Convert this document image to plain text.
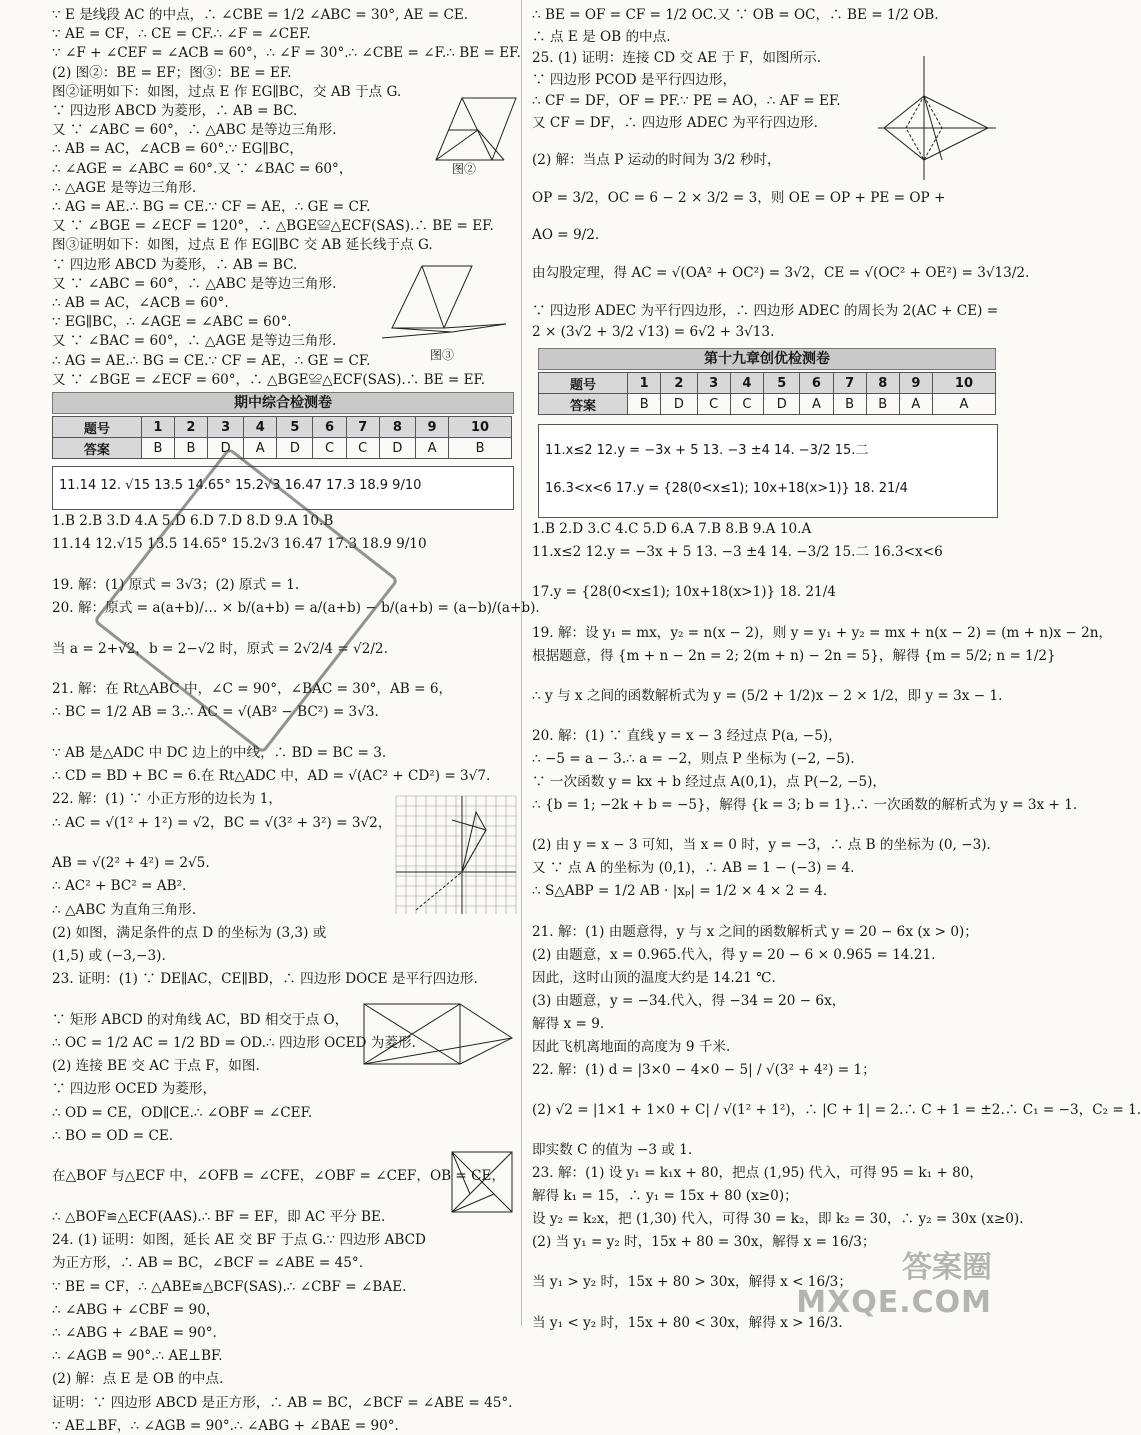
∵ E 是线段 AC 的中点，∴ ∠CBE = 1/2 ∠ABC = 30°, AE = CE.
∵ AE = CF，∴ CE = CF.∴ ∠F = ∠CEF.
∵ ∠F + ∠CEF = ∠ACB = 60°，∴ ∠F = 30°.∴ ∠CBE = ∠F.∴ BE = EF.
(2) 图②：BE = EF；图③：BE = EF.
图②证明如下：如图，过点 E 作 EG∥BC，交 AB 于点 G.
∵ 四边形 ABCD 为菱形，∴ AB = BC.
又 ∵ ∠ABC = 60°，∴ △ABC 是等边三角形.
∴ AB = AC，∠ACB = 60°.∵ EG∥BC，
∴ ∠AGE = ∠ABC = 60°.又 ∵ ∠BAC = 60°，
∴ △AGE 是等边三角形.
∴ AG = AE.∴ BG = CE.∵ CF = AE，∴ GE = CF.
又 ∵ ∠BGE = ∠ECF = 120°，∴ △BGE≌△ECF(SAS).∴ BE = EF.
图③证明如下：如图，过点 E 作 EG∥BC 交 AB 延长线于点 G.
∵ 四边形 ABCD 为菱形，∴ AB = BC.
又 ∵ ∠ABC = 60°，∴ △ABC 是等边三角形.
∴ AB = AC，∠ACB = 60°.
∵ EG∥BC，∴ ∠AGE = ∠ABC = 60°.
又 ∵ ∠BAC = 60°，∴ △AGE 是等边三角形.
∴ AG = AE.∴ BG = CE.∵ CF = AE，∴ GE = CF.
又 ∵ ∠BGE = ∠ECF = 60°，∴ △BGE≌△ECF(SAS).∴ BE = EF.
图②
图③
期中综合检测卷
题号	1	2	3	4	5	6	7	8	9	10
答案	B	B	D	A	D	C	C	D	A	B
11.14 12. √15 13.5 14.65° 15.2√3 16.47 17.3 18.9 9/10
1.B 2.B 3.D 4.A 5.D 6.D 7.D 8.D 9.A 10.B
11.14 12.√15 13.5 14.65° 15.2√3 16.47 17.3 18.9 9/10
19. 解：(1) 原式 = 3√3；(2) 原式 = 1.
20. 解：原式 = a(a+b)/… × b/(a+b) = a/(a+b) − b/(a+b) = (a−b)/(a+b).
当 a = 2+√2，b = 2−√2 时，原式 = 2√2/4 = √2/2.
21. 解：在 Rt△ABC 中，∠C = 90°，∠BAC = 30°，AB = 6，
∴ BC = 1/2 AB = 3.∴ AC = √(AB² − BC²) = 3√3.
∵ AB 是△ADC 中 DC 边上的中线，∴ BD = BC = 3.
∴ CD = BD + BC = 6.在 Rt△ADC 中，AD = √(AC² + CD²) = 3√7.
22. 解：(1) ∵ 小正方形的边长为 1，
∴ AC = √(1² + 1²) = √2，BC = √(3² + 3²) = 3√2，
AB = √(2² + 4²) = 2√5.
∴ AC² + BC² = AB².
∴ △ABC 为直角三角形.
(2) 如图，满足条件的点 D 的坐标为 (3,3) 或
(1,5) 或 (−3,−3).
23. 证明：(1) ∵ DE∥AC，CE∥BD，∴ 四边形 DOCE 是平行四边形.
∵ 矩形 ABCD 的对角线 AC，BD 相交于点 O，
∴ OC = 1/2 AC = 1/2 BD = OD.∴ 四边形 OCED 为菱形.
(2) 连接 BE 交 AC 于点 F，如图.
∵ 四边形 OCED 为菱形，
∴ OD = CE，OD∥CE.∴ ∠OBF = ∠CEF.
∴ BO = OD = CE.
在△BOF 与△ECF 中，∠OFB = ∠CFE，∠OBF = ∠CEF，OB = CE，
∴ △BOF≌△ECF(AAS).∴ BF = EF，即 AC 平分 BE.
24. (1) 证明：如图，延长 AE 交 BF 于点 G.∵ 四边形 ABCD
为正方形，∴ AB = BC，∠BCF = ∠ABE = 45°.
∵ BE = CF，∴ △ABE≌△BCF(SAS).∴ ∠CBF = ∠BAE.
∴ ∠ABG + ∠CBF = 90，
∴ ∠ABG + ∠BAE = 90°.
∴ ∠AGB = 90°.∴ AE⊥BF.
(2) 解：点 E 是 OB 的中点.
证明：∵ 四边形 ABCD 是正方形，∴ AB = BC，∠BCF = ∠ABE = 45°.
∵ AE⊥BF，∴ ∠AGB = 90°.∴ ∠ABG + ∠BAE = 90°.
∴ BE = OF = CF = 1/2 OC.又 ∵ OB = OC，∴ BE = 1/2 OB.
∴ 点 E 是 OB 的中点.
25. (1) 证明：连接 CD 交 AE 于 F，如图所示.
∵ 四边形 PCOD 是平行四边形，
∴ CF = DF，OF = PF.∵ PE = AO，∴ AF = EF.
又 CF = DF，∴ 四边形 ADEC 为平行四边形.
(2) 解：当点 P 运动的时间为 3/2 秒时，
OP = 3/2，OC = 6 − 2 × 3/2 = 3，则 OE = OP + PE = OP +
AO = 9/2.
由勾股定理，得 AC = √(OA² + OC²) = 3√2，CE = √(OC² + OE²) = 3√13/2.
∵ 四边形 ADEC 为平行四边形，∴ 四边形 ADEC 的周长为 2(AC + CE) =
2 × (3√2 + 3/2 √13) = 6√2 + 3√13.
第十九章创优检测卷
题号	1	2	3	4	5	6	7	8	9	10
答案	B	D	C	C	D	A	B	B	A	A
11.x≤2 12.y = −3x + 5 13. −3 ±4 14. −3/2 15.二
16.3<x<6 17.y = {28(0<x≤1); 10x+18(x>1)} 18. 21/4
1.B 2.D 3.C 4.C 5.D 6.A 7.B 8.B 9.A 10.A
11.x≤2 12.y = −3x + 5 13. −3 ±4 14. −3/2 15.二 16.3<x<6
17.y = {28(0<x≤1); 10x+18(x>1)} 18. 21/4
19. 解：设 y₁ = mx，y₂ = n(x − 2)，则 y = y₁ + y₂ = mx + n(x − 2) = (m + n)x − 2n，
根据题意，得 {m + n − 2n = 2; 2(m + n) − 2n = 5}，解得 {m = 5/2; n = 1/2}
∴ y 与 x 之间的函数解析式为 y = (5/2 + 1/2)x − 2 × 1/2，即 y = 3x − 1.
20. 解：(1) ∵ 直线 y = x − 3 经过点 P(a, −5)，
∴ −5 = a − 3.∴ a = −2，则点 P 坐标为 (−2, −5).
∵ 一次函数 y = kx + b 经过点 A(0,1)，点 P(−2, −5)，
∴ {b = 1; −2k + b = −5}，解得 {k = 3; b = 1}.∴ 一次函数的解析式为 y = 3x + 1.
(2) 由 y = x − 3 可知，当 x = 0 时，y = −3，∴ 点 B 的坐标为 (0, −3).
又 ∵ 点 A 的坐标为 (0,1)，∴ AB = 1 − (−3) = 4.
∴ S△ABP = 1/2 AB · |xₚ| = 1/2 × 4 × 2 = 4.
21. 解：(1) 由题意得，y 与 x 之间的函数解析式 y = 20 − 6x (x > 0)；
(2) 由题意，x = 0.965.代入，得 y = 20 − 6 × 0.965 = 14.21.
因此，这时山顶的温度大约是 14.21 ℃.
(3) 由题意，y = −34.代入，得 −34 = 20 − 6x，
解得 x = 9.
因此飞机离地面的高度为 9 千米.
22. 解：(1) d = |3×0 − 4×0 − 5| / √(3² + 4²) = 1；
(2) √2 = |1×1 + 1×0 + C| / √(1² + 1²)，∴ |C + 1| = 2.∴ C + 1 = ±2.∴ C₁ = −3，C₂ = 1.
即实数 C 的值为 −3 或 1.
23. 解：(1) 设 y₁ = k₁x + 80，把点 (1,95) 代入，可得 95 = k₁ + 80，
解得 k₁ = 15，∴ y₁ = 15x + 80 (x≥0)；
设 y₂ = k₂x，把 (1,30) 代入，可得 30 = k₂，即 k₂ = 30，∴ y₂ = 30x (x≥0).
(2) 当 y₁ = y₂ 时，15x + 80 = 30x，解得 x = 16/3；
当 y₁ > y₂ 时，15x + 80 > 30x，解得 x < 16/3；
当 y₁ < y₂ 时，15x + 80 < 30x，解得 x > 16/3.
答案圈
MXQE.COM
